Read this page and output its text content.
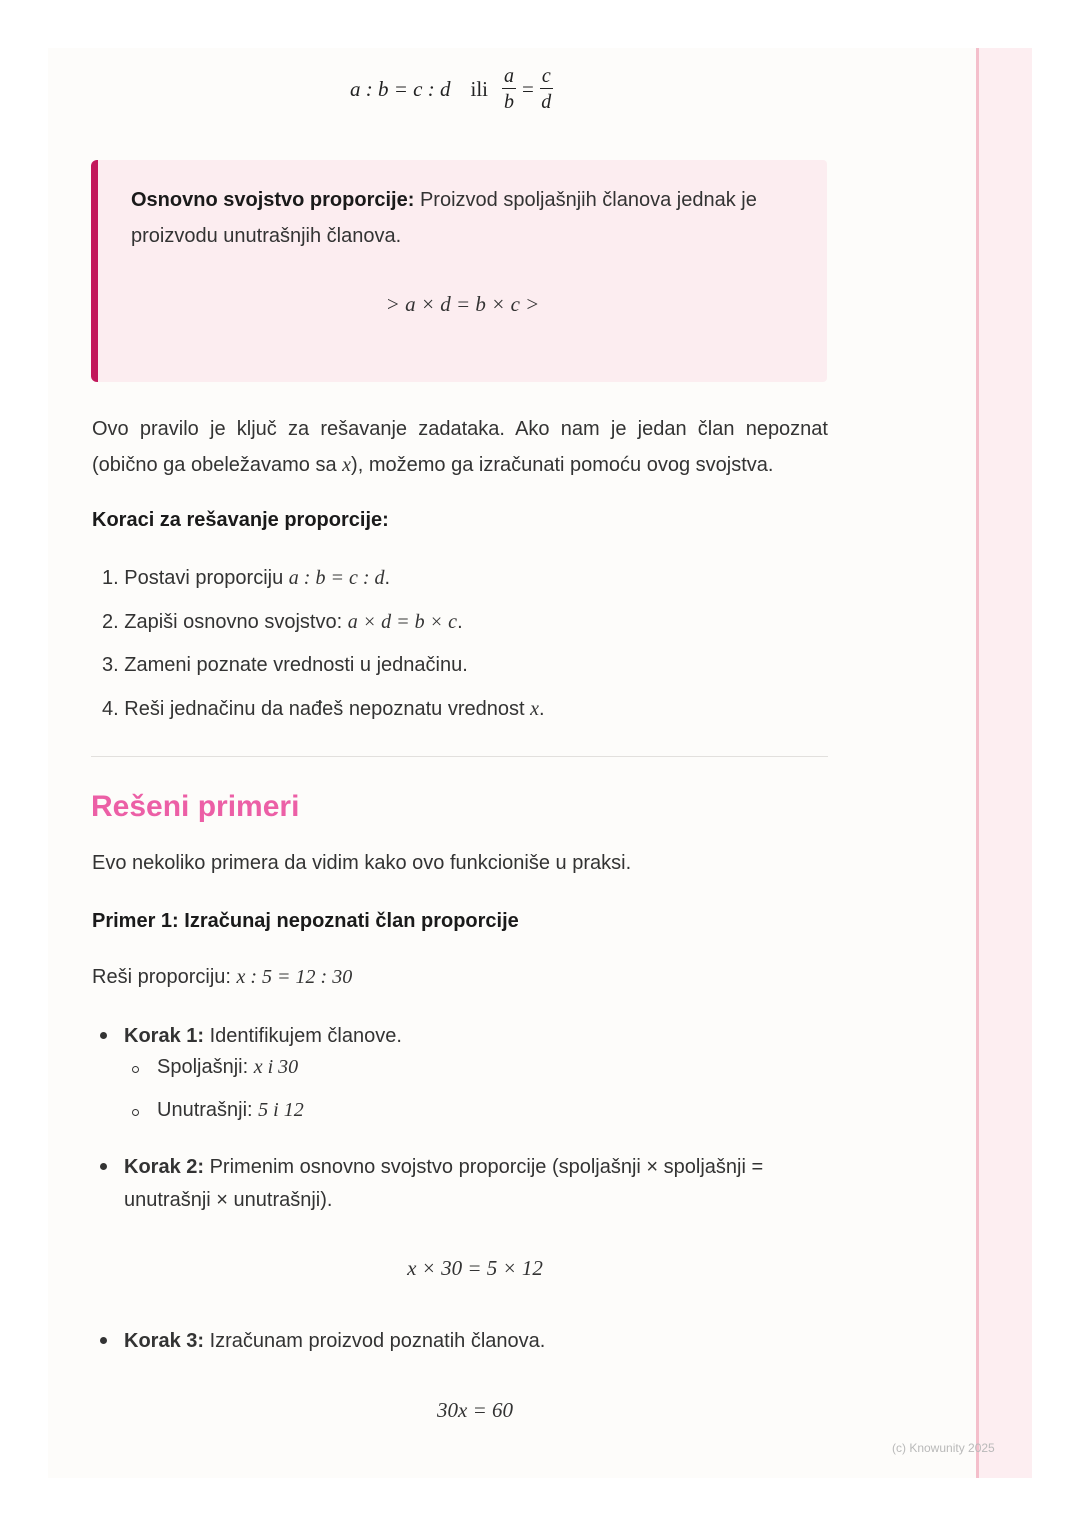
a : b = c : d ili $\frac{a}{b} = \frac{c}{d}$
Osnovno svojstvo proporcije: Proizvod spoljašnjih članova jednak je proizvodu unutrašnjih članova.
> a × d = b × c >
Ovo pravilo je ključ za rešavanje zadataka. Ako nam je jedan član nepoznat (obično ga obeležavamo sa x), možemo ga izračunati pomoću ovog svojstva.
Koraci za rešavanje proporcije:
1. Postavi proporciju a : b = c : d.
2. Zapiši osnovno svojstvo: a × d = b × c.
3. Zameni poznate vrednosti u jednačinu.
4. Reši jednačinu da nađeš nepoznatu vrednost x.
Rešeni primeri
Evo nekoliko primera da vidim kako ovo funkcioniše u praksi.
Primer 1: Izračunaj nepoznati član proporcije
Reši proporciju: x : 5 = 12 : 30
Korak 1: Identifikujem članove.
Spoljašnji: x i 30
Unutrašnji: 5 i 12
Korak 2: Primenim osnovno svojstvo proporcije (spoljašnji × spoljašnji =
unutrašnji × unutrašnji).
x × 30 = 5 × 12
Korak 3: Izračunam proizvod poznatih članova.
30x = 60
(c) Knowunity 2025
